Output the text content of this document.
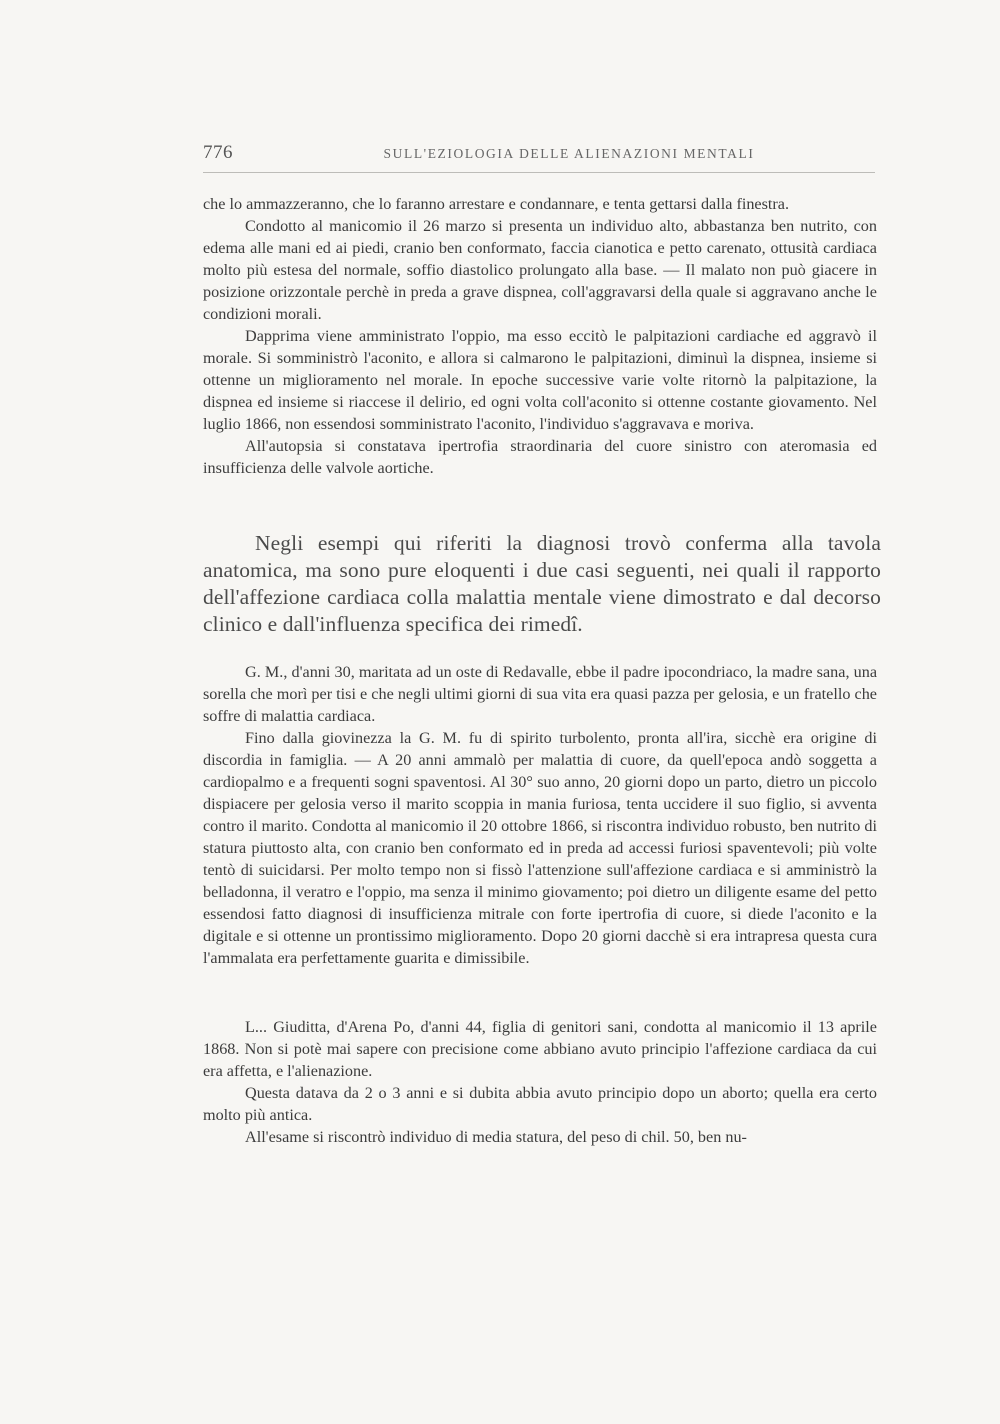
776	SULL'EZIOLOGIA DELLE ALIENAZIONI MENTALI

che lo ammazzeranno, che lo faranno arrestare e condannare, e tenta gettarsi dalla finestra.

Condotto al manicomio il 26 marzo si presenta un individuo alto, abbastanza ben nutrito, con edema alle mani ed ai piedi, cranio ben conformato, faccia cianotica e petto carenato, ottusità cardiaca molto più estesa del normale, soffio diastolico prolungato alla base. — Il malato non può giacere in posizione orizzontale perchè in preda a grave dispnea, coll'aggravarsi della quale si aggravano anche le condizioni morali.

Dapprima viene amministrato l'oppio, ma esso eccitò le palpitazioni cardiache ed aggravò il morale. Si somministrò l'aconito, e allora si calmarono le palpitazioni, diminuì la dispnea, insieme si ottenne un miglioramento nel morale. In epoche successive varie volte ritornò la palpitazione, la dispnea ed insieme si riaccese il delirio, ed ogni volta coll'aconito si ottenne costante giovamento. Nel luglio 1866, non essendosi somministrato l'aconito, l'individuo s'aggravava e moriva.

All'autopsia si constatava ipertrofia straordinaria del cuore sinistro con ateromasia ed insufficienza delle valvole aortiche.

Negli esempi qui riferiti la diagnosi trovò conferma alla tavola anatomica, ma sono pure eloquenti i due casi seguenti, nei quali il rapporto dell'affezione cardiaca colla malattia mentale viene dimostrato e dal decorso clinico e dall'influenza specifica dei rimedî.

G. M., d'anni 30, maritata ad un oste di Redavalle, ebbe il padre ipocondriaco, la madre sana, una sorella che morì per tisi e che negli ultimi giorni di sua vita era quasi pazza per gelosia, e un fratello che soffre di malattia cardiaca.

Fino dalla giovinezza la G. M. fu di spirito turbolento, pronta all'ira, sicchè era origine di discordia in famiglia. — A 20 anni ammalò per malattia di cuore, da quell'epoca andò soggetta a cardiopalmo e a frequenti sogni spaventosi. Al 30° suo anno, 20 giorni dopo un parto, dietro un piccolo dispiacere per gelosia verso il marito scoppia in mania furiosa, tenta uccidere il suo figlio, si avventa contro il marito. Condotta al manicomio il 20 ottobre 1866, si riscontra individuo robusto, ben nutrito di statura piuttosto alta, con cranio ben conformato ed in preda ad accessi furiosi spaventevoli; più volte tentò di suicidarsi. Per molto tempo non si fissò l'attenzione sull'affezione cardiaca e si amministrò la belladonna, il veratro e l'oppio, ma senza il minimo giovamento; poi dietro un diligente esame del petto essendosi fatto diagnosi di insufficienza mitrale con forte ipertrofia di cuore, si diede l'aconito e la digitale e si ottenne un prontissimo miglioramento. Dopo 20 giorni dacchè si era intrapresa questa cura l'ammalata era perfettamente guarita e dimissibile.

L... Giuditta, d'Arena Po, d'anni 44, figlia di genitori sani, condotta al manicomio il 13 aprile 1868. Non si potè mai sapere con precisione come abbiano avuto principio l'affezione cardiaca da cui era affetta, e l'alienazione.

Questa datava da 2 o 3 anni e si dubita abbia avuto principio dopo un aborto; quella era certo molto più antica.

All'esame si riscontrò individuo di media statura, del peso di chil. 50, ben nu-
